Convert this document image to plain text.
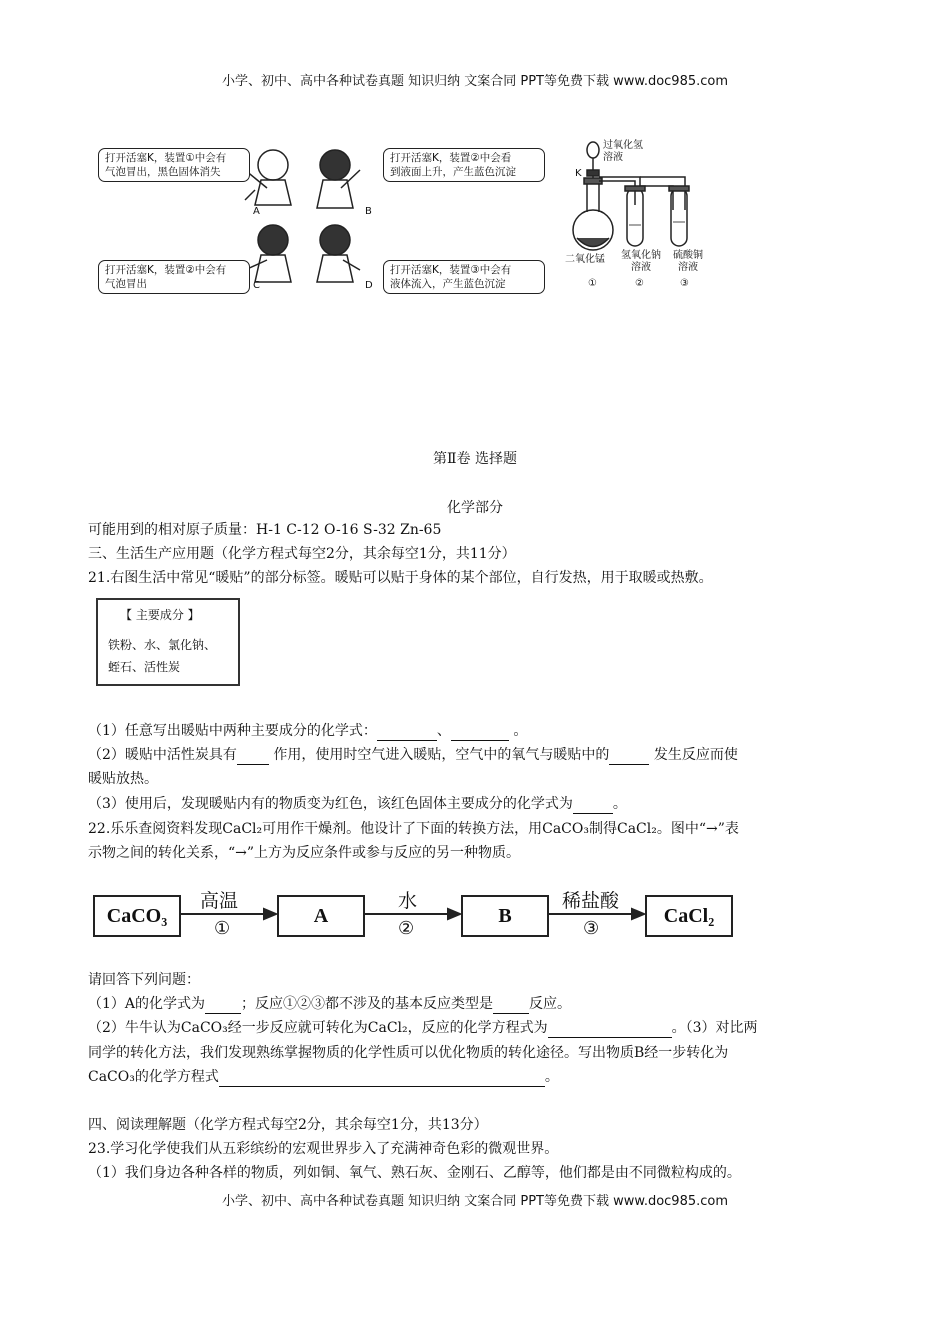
小学、初中、高中各种试卷真题 知识归纳 文案合同 PPT等免费下载 www.doc985.com
打开活塞K，装置①中会有
气泡冒出，黑色固体消失
打开活塞K，装置②中会看
到液面上升，产生蓝色沉淀
打开活塞K，装置②中会有
气泡冒出
打开活塞K，装置③中会有
液体流入，产生蓝色沉淀
A	B
C	D
过氧化氢
溶液
K
二氧化锰 氢氧化钠
溶液
硫酸铜
溶液
①	②	③
第Ⅱ卷 选择题
化学部分
可能用到的相对原子质量：H-1 C-12 O-16 S-32 Zn-65
三、生活生产应用题（化学方程式每空2分，其余每空1分，共11分）
21.右图生活中常见“暖贴”的部分标签。暖贴可以贴于身体的某个部位，自行发热，用于取暖或热敷。
【 主要成分 】
铁粉、水、氯化钠、
蛭石、活性炭
（1）任意写出暖贴中两种主要成分的化学式：	、	。
（2）暖贴中活性炭具有 作用，使用时空气进入暖贴，空气中的氧气与暖贴中的	发生反应而使
暖贴放热。
（3）使用后，发现暖贴内有的物质变为红色，该红色固体主要成分的化学式为	。
22.乐乐查阅资料发现CaCl₂可用作干燥剂。他设计了下面的转换方法，用CaCO₃制得CaCl₂。图中“→”表
示物之间的转化关系，“→”上方为反应条件或参与反应的另一种物质。
CaCO₃	A	B	CaCl₂
高温
①
水
②
稀盐酸
③
请回答下列问题：
（1）A的化学式为	；反应①②③都不涉及的基本反应类型是	反应。
（2）牛牛认为CaCO₃经一步反应就可转化为CaCl₂，反应的化学方程式为	。（3）对比两
同学的转化方法，我们发现熟练掌握物质的化学性质可以优化物质的转化途径。写出物质B经一步转化为
CaCO₃的化学方程式	。
四、阅读理解题（化学方程式每空2分，其余每空1分，共13分）
23.学习化学使我们从五彩缤纷的宏观世界步入了充满神奇色彩的微观世界。
（1）我们身边各种各样的物质，列如铜、氧气、熟石灰、金刚石、乙醇等，他们都是由不同微粒构成的。
小学、初中、高中各种试卷真题 知识归纳 文案合同 PPT等免费下载 www.doc985.com
